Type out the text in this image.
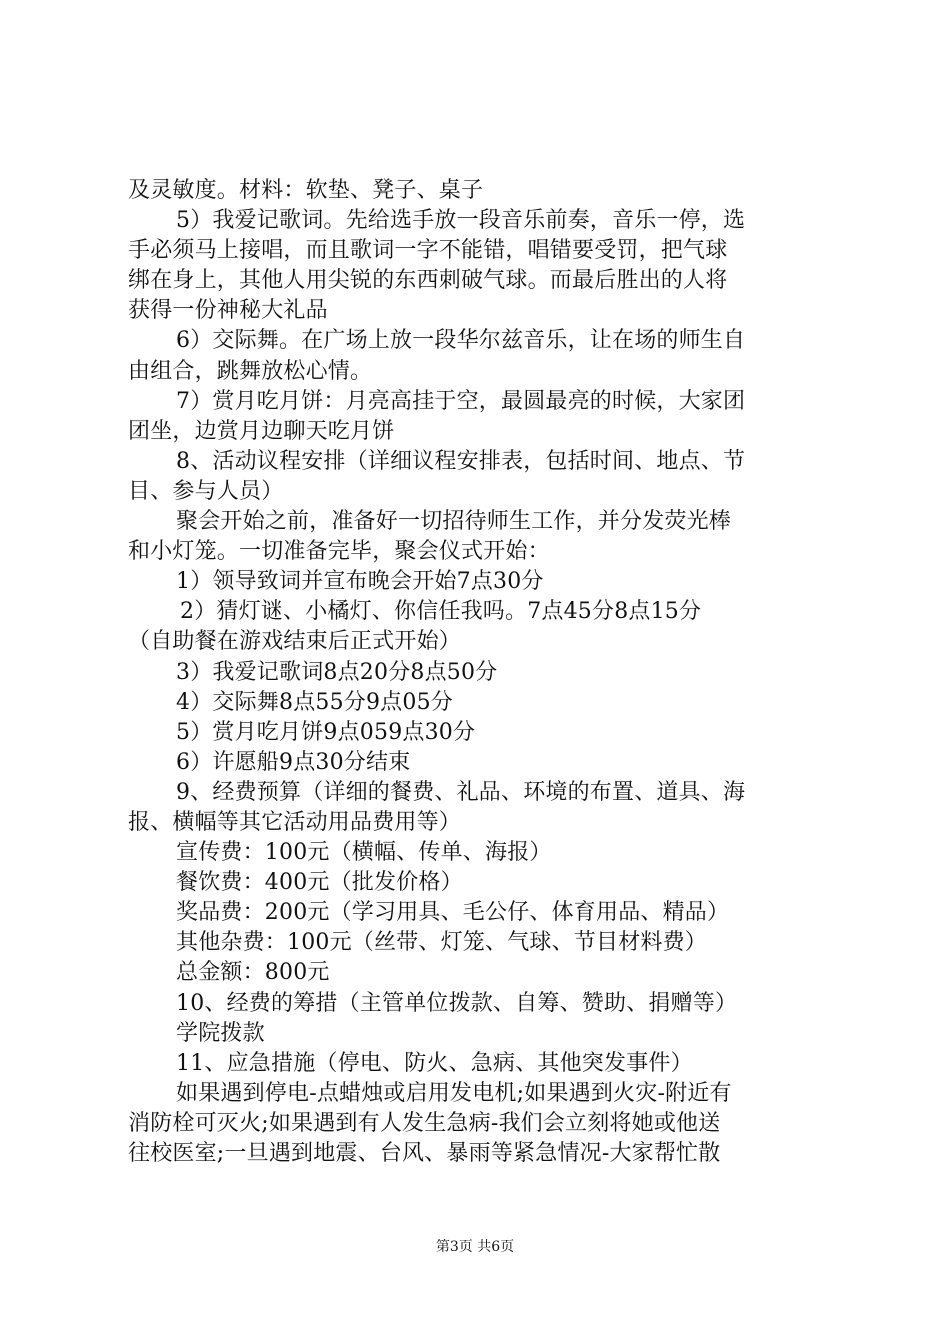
及灵敏度。材料：软垫、凳子、桌子
5）我爱记歌词。先给选手放一段音乐前奏，音乐一停，选
手必须马上接唱，而且歌词一字不能错，唱错要受罚，把气球
绑在身上，其他人用尖锐的东西刺破气球。而最后胜出的人将
获得一份神秘大礼品
6）交际舞。在广场上放一段华尔兹音乐，让在场的师生自
由组合，跳舞放松心情。
7）赏月吃月饼：月亮高挂于空，最圆最亮的时候，大家团
团坐，边赏月边聊天吃月饼
8、活动议程安排（详细议程安排表，包括时间、地点、节
目、参与人员）
聚会开始之前，准备好一切招待师生工作，并分发荧光棒
和小灯笼。一切准备完毕，聚会仪式开始：
1）领导致词并宣布晚会开始7点30分
2）猜灯谜、小橘灯、你信任我吗。7点45分8点15分
（自助餐在游戏结束后正式开始）
3）我爱记歌词8点20分8点50分
4）交际舞8点55分9点05分
5）赏月吃月饼9点059点30分
6）许愿船9点30分结束
9、经费预算（详细的餐费、礼品、环境的布置、道具、海
报、横幅等其它活动用品费用等）
宣传费：100元（横幅、传单、海报）
餐饮费：400元（批发价格）
奖品费：200元（学习用具、毛公仔、体育用品、精品）
其他杂费：100元（丝带、灯笼、气球、节目材料费）
总金额：800元
10、经费的筹措（主管单位拨款、自筹、赞助、捐赠等）
学院拨款
11、应急措施（停电、防火、急病、其他突发事件）
如果遇到停电-点蜡烛或启用发电机;如果遇到火灾-附近有
消防栓可灭火;如果遇到有人发生急病-我们会立刻将她或他送
往校医室;一旦遇到地震、台风、暴雨等紧急情况-大家帮忙散
第3页 共6页
